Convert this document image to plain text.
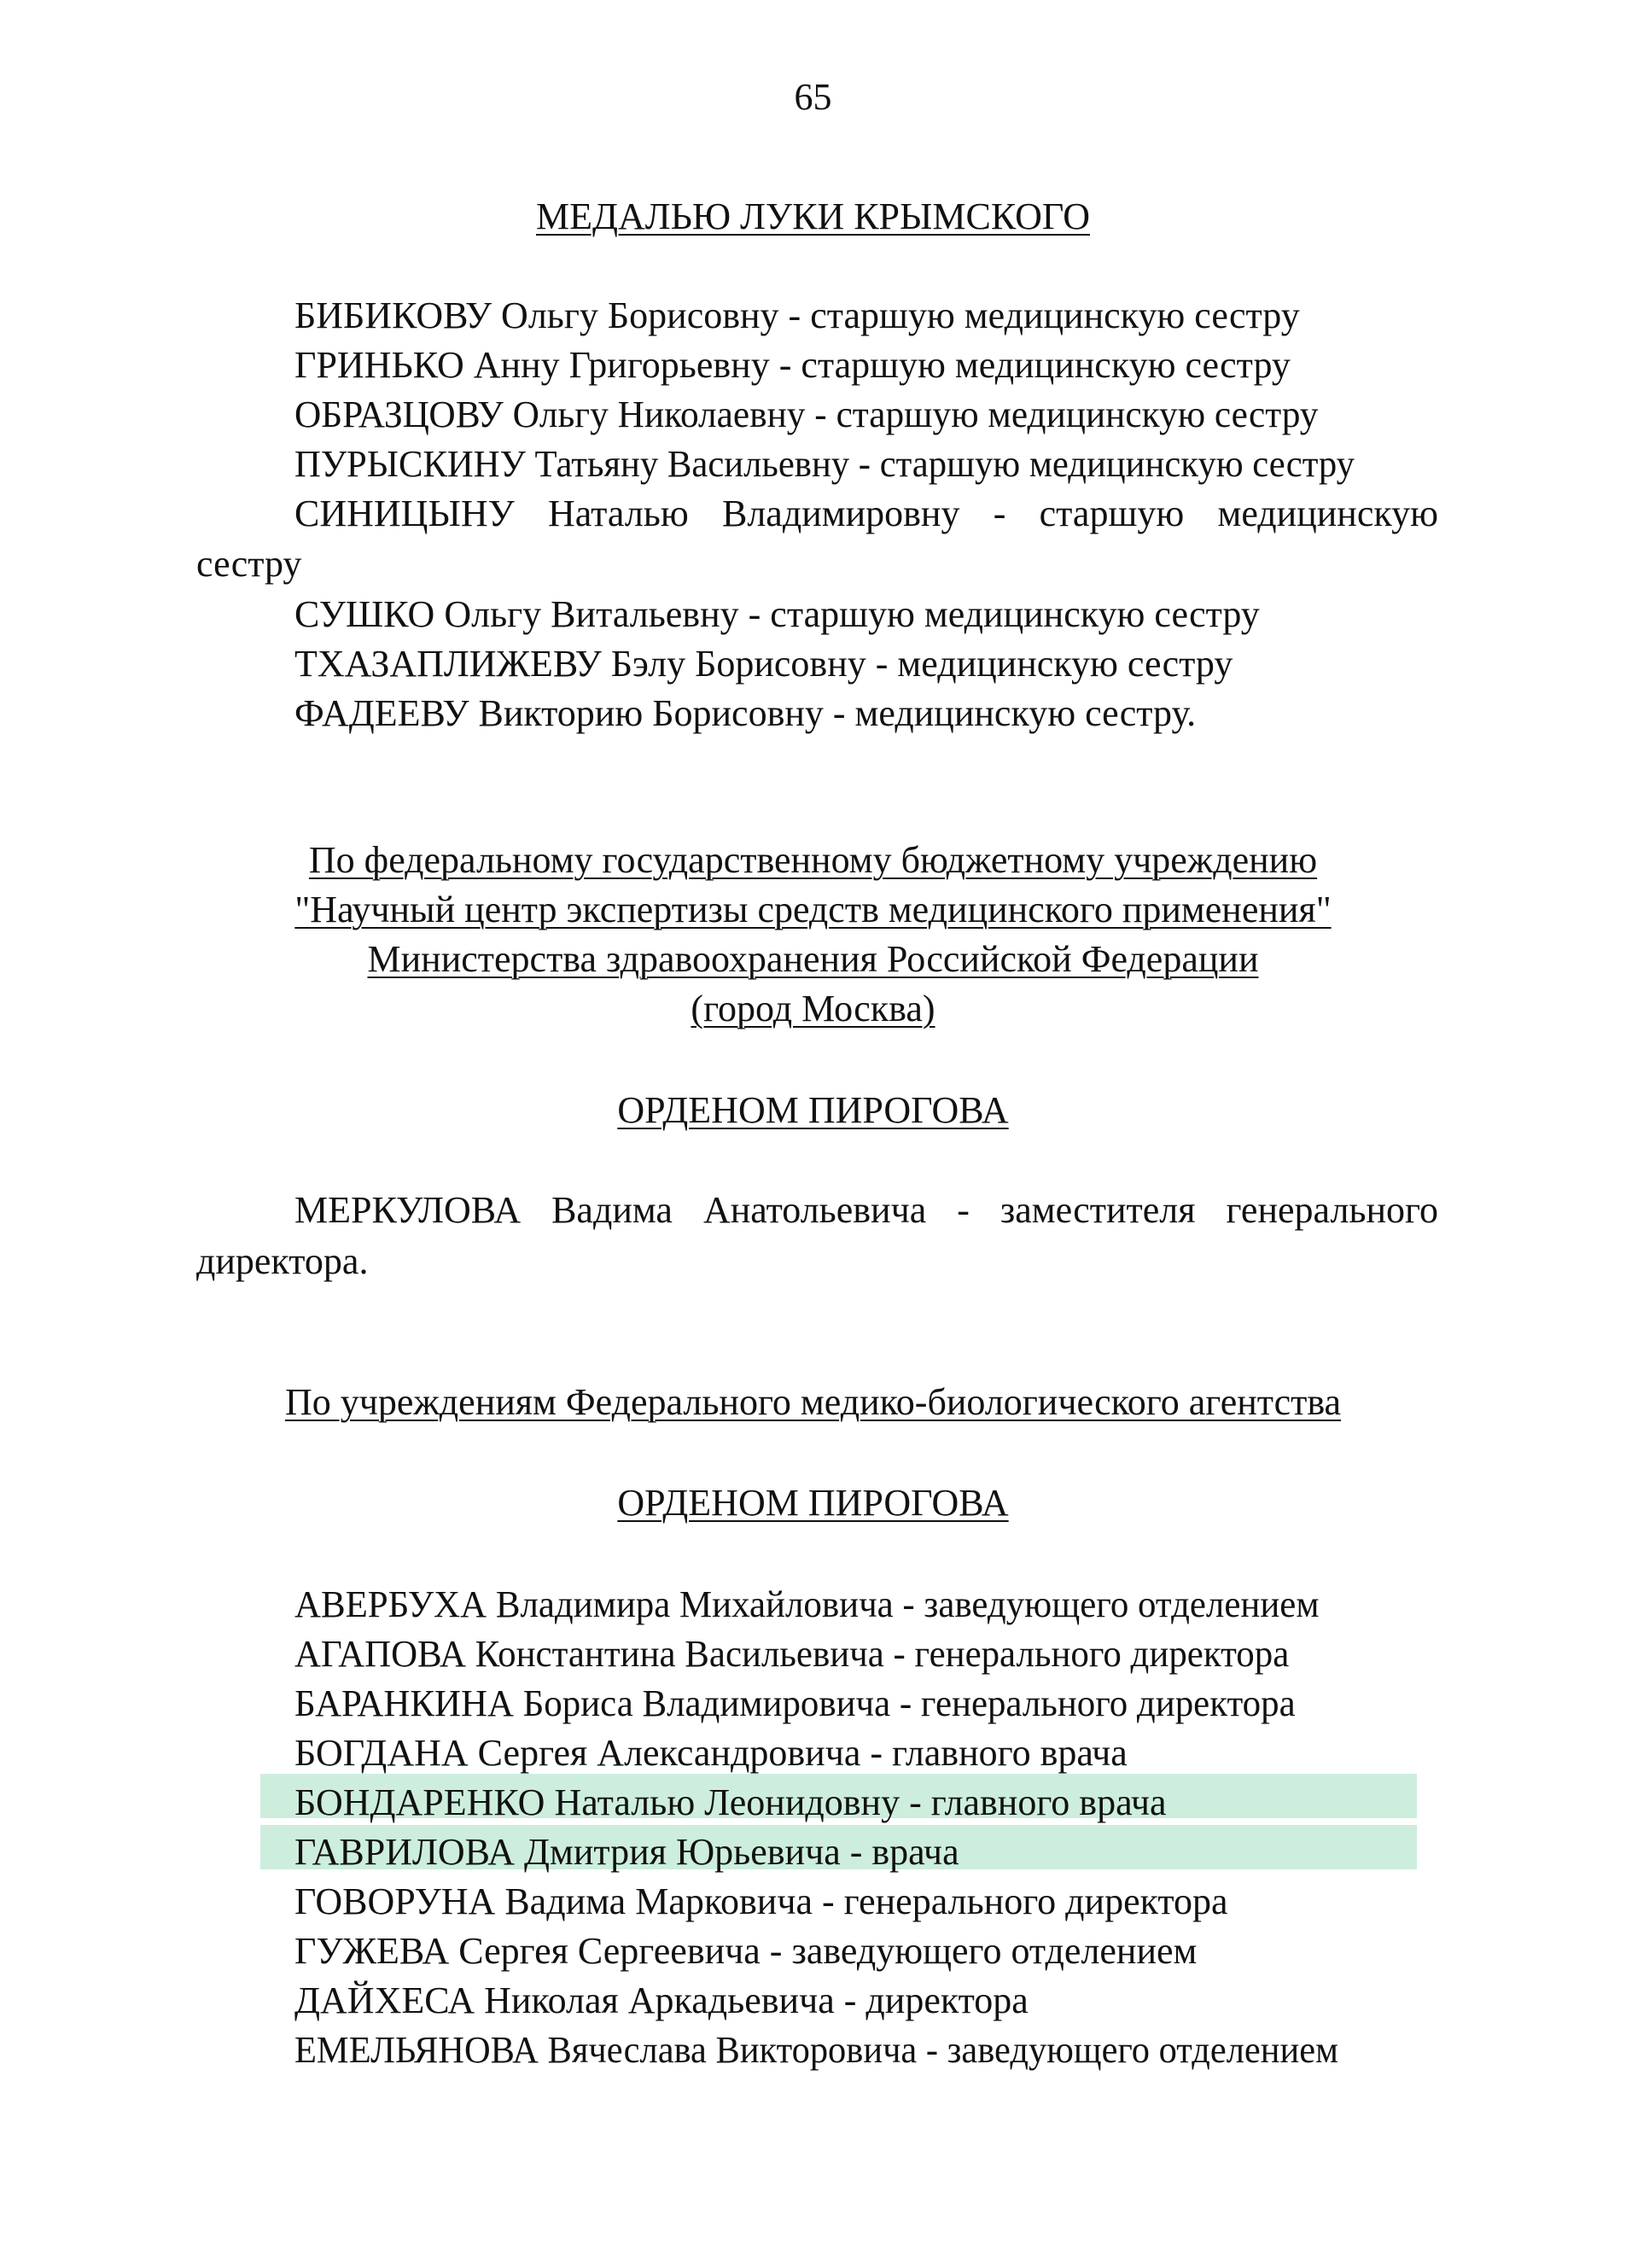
65
МЕДАЛЬЮ ЛУКИ КРЫМСКОГО
БИБИКОВУ Ольгу Борисовну - старшую медицинскую сестру
ГРИНЬКО Анну Григорьевну - старшую медицинскую сестру
ОБРАЗЦОВУ Ольгу Николаевну - старшую медицинскую сестру
ПУРЫСКИНУ Татьяну Васильевну - старшую медицинскую сестру
СИНИЦЫНУ Наталью Владимировну - старшую медицинскую
сестру
СУШКО Ольгу Витальевну - старшую медицинскую сестру
ТХАЗАПЛИЖЕВУ Бэлу Борисовну - медицинскую сестру
ФАДЕЕВУ Викторию Борисовну - медицинскую сестру.
По федеральному государственному бюджетному учреждению
"Научный центр экспертизы средств медицинского применения"
Министерства здравоохранения Российской Федерации
(город Москва)
ОРДЕНОМ ПИРОГОВА
МЕРКУЛОВА Вадима Анатольевича - заместителя генерального
директора.
По учреждениям Федерального медико-биологического агентства
ОРДЕНОМ ПИРОГОВА
АВЕРБУХА Владимира Михайловича - заведующего отделением
АГАПОВА Константина Васильевича - генерального директора
БАРАНКИНА Бориса Владимировича - генерального директора
БОГДАНА Сергея Александровича - главного врача
БОНДАРЕНКО Наталью Леонидовну - главного врача
ГАВРИЛОВА Дмитрия Юрьевича - врача
ГОВОРУНА Вадима Марковича - генерального директора
ГУЖЕВА Сергея Сергеевича - заведующего отделением
ДАЙХЕСА Николая Аркадьевича - директора
ЕМЕЛЬЯНОВА Вячеслава Викторовича - заведующего отделением
